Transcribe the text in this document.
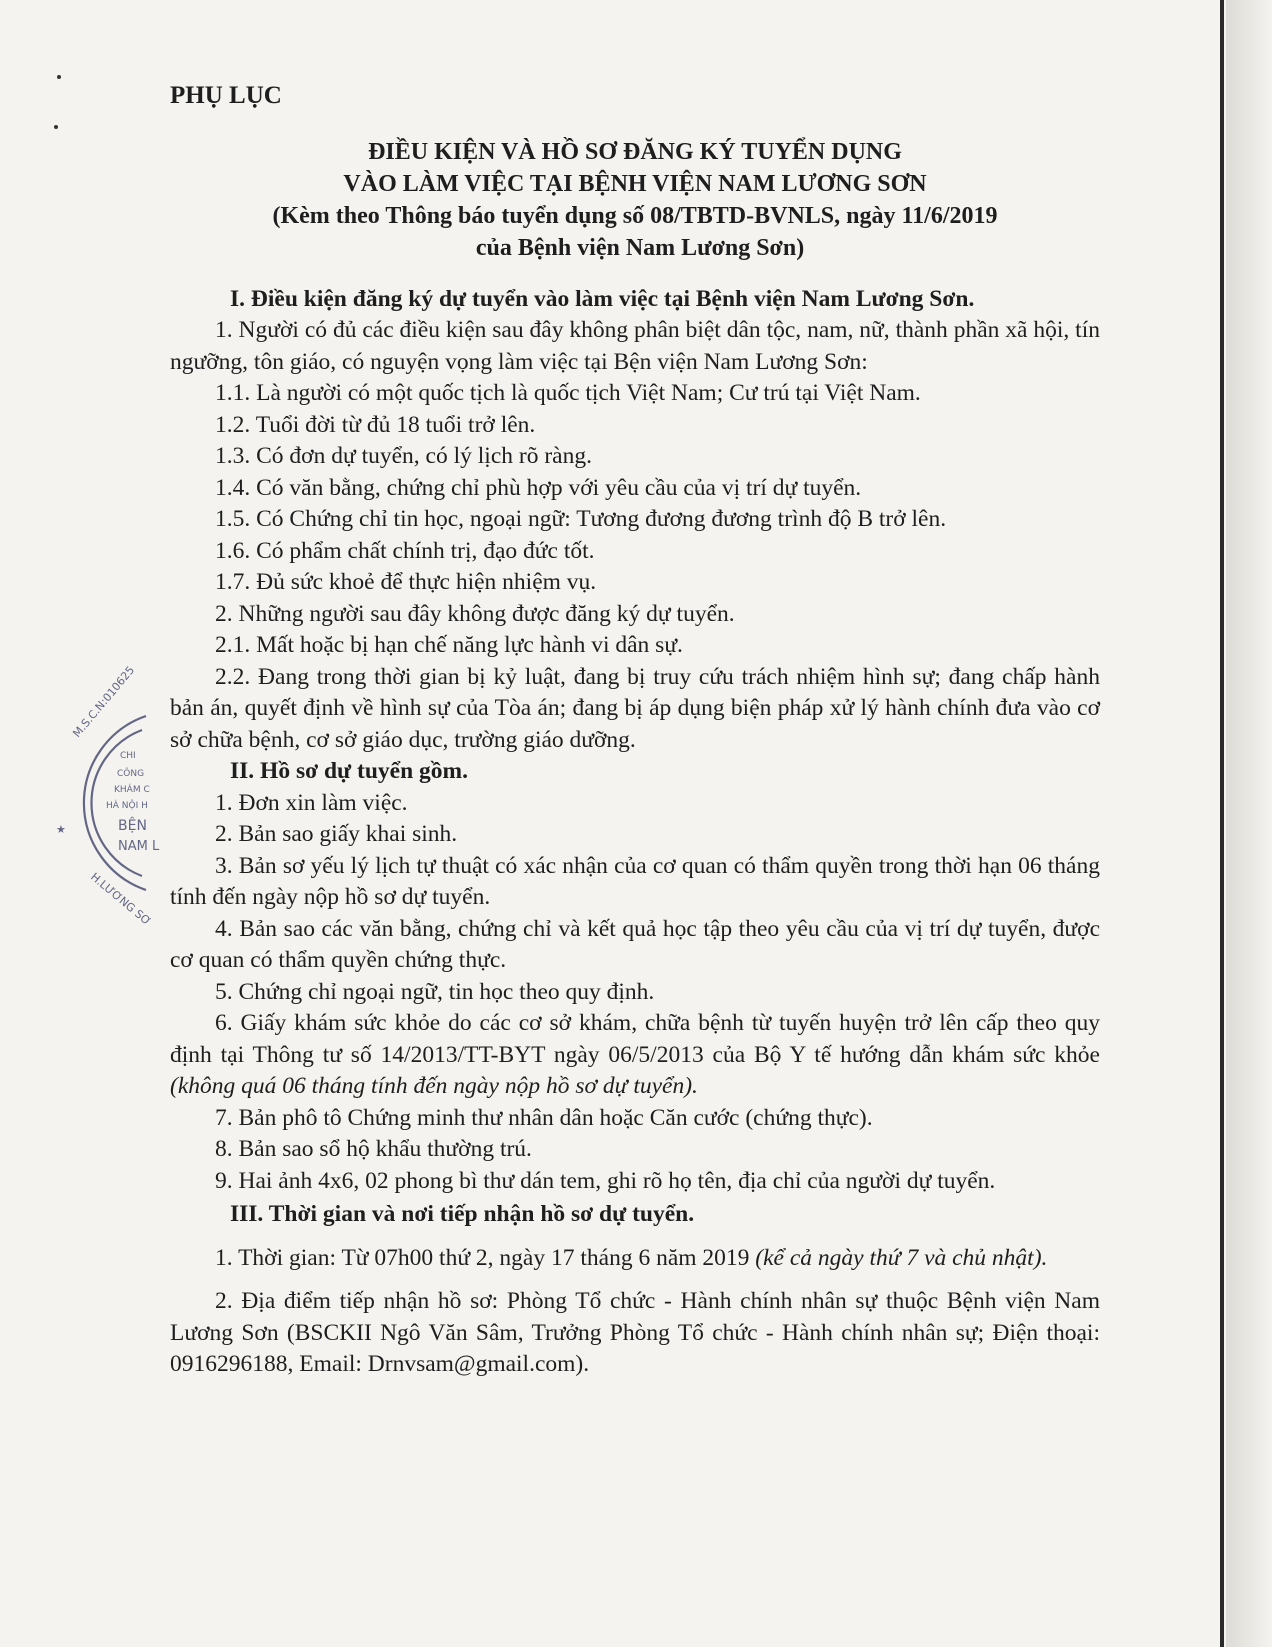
M.S.C.N:010625
★
H.LƯƠNG SƠ
CHI
CÔNG
KHÁM C
HÀ NỘI H
BỆN
NAM L
PHỤ LỤC
ĐIỀU KIỆN VÀ HỒ SƠ ĐĂNG KÝ TUYỂN DỤNG
VÀO LÀM VIỆC TẠI BỆNH VIỆN NAM LƯƠNG SƠN
(Kèm theo Thông báo tuyển dụng số 08/TBTD-BVNLS, ngày 11/6/2019
của Bệnh viện Nam Lương Sơn)

I. Điều kiện đăng ký dự tuyển vào làm việc tại Bệnh viện Nam Lương Sơn.

1. Người có đủ các điều kiện sau đây không phân biệt dân tộc, nam, nữ, thành phần xã hội, tín ngưỡng, tôn giáo, có nguyện vọng làm việc tại Bện viện Nam Lương Sơn:

1.1. Là người có một quốc tịch là quốc tịch Việt Nam; Cư trú tại Việt Nam.

1.2. Tuổi đời từ đủ 18 tuổi trở lên.

1.3. Có đơn dự tuyển, có lý lịch rõ ràng.

1.4. Có văn bằng, chứng chỉ phù hợp với yêu cầu của vị trí dự tuyển.

1.5. Có Chứng chỉ tin học, ngoại ngữ: Tương đương đương trình độ B trở lên.

1.6. Có phẩm chất chính trị, đạo đức tốt.

1.7. Đủ sức khoẻ để thực hiện nhiệm vụ.

2. Những người sau đây không được đăng ký dự tuyển.

2.1. Mất hoặc bị hạn chế năng lực hành vi dân sự.

2.2. Đang trong thời gian bị kỷ luật, đang bị truy cứu trách nhiệm hình sự; đang chấp hành bản án, quyết định về hình sự của Tòa án; đang bị áp dụng biện pháp xử lý hành chính đưa vào cơ sở chữa bệnh, cơ sở giáo dục, trường giáo dưỡng.

II. Hồ sơ dự tuyển gồm.

1. Đơn xin làm việc.

2. Bản sao giấy khai sinh.

3. Bản sơ yếu lý lịch tự thuật có xác nhận của cơ quan có thẩm quyền trong thời hạn 06 tháng tính đến ngày nộp hồ sơ dự tuyển.

4. Bản sao các văn bằng, chứng chỉ và kết quả học tập theo yêu cầu của vị trí dự tuyển, được cơ quan có thẩm quyền chứng thực.

5. Chứng chỉ ngoại ngữ, tin học theo quy định.

6. Giấy khám sức khỏe do các cơ sở khám, chữa bệnh từ tuyến huyện trở lên cấp theo quy định tại Thông tư số 14/2013/TT-BYT ngày 06/5/2013 của Bộ Y tế hướng dẫn khám sức khỏe (không quá 06 tháng tính đến ngày nộp hồ sơ dự tuyển).

7. Bản phô tô Chứng minh thư nhân dân hoặc Căn cước (chứng thực).

8. Bản sao sổ hộ khẩu thường trú.

9. Hai ảnh 4x6, 02 phong bì thư dán tem, ghi rõ họ tên, địa chỉ của người dự tuyển.

III. Thời gian và nơi tiếp nhận hồ sơ dự tuyển.

1. Thời gian: Từ 07h00 thứ 2, ngày 17 tháng 6 năm 2019 (kể cả ngày thứ 7 và chủ nhật).

2. Địa điểm tiếp nhận hồ sơ: Phòng Tổ chức - Hành chính nhân sự thuộc Bệnh viện Nam Lương Sơn (BSCKII Ngô Văn Sâm, Trưởng Phòng Tổ chức - Hành chính nhân sự; Điện thoại: 0916296188, Email: Drnvsam@gmail.com).
